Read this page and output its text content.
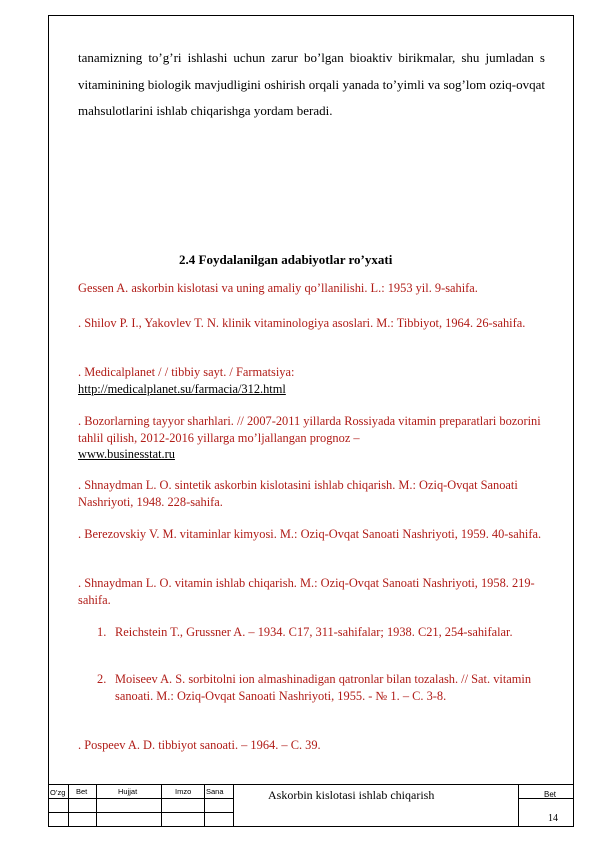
tanamizning to’g’ri ishlashi uchun zarur bo’lgan bioaktiv birikmalar, shu jumladan s vitaminining biologik mavjudligini oshirish orqali yanada to’yimli va sog’lom oziq-ovqat mahsulotlarini ishlab chiqarishga yordam beradi.
2.4 Foydalanilgan adabiyotlar ro’yxati
Gessen A. askorbin kislotasi va uning amaliy qo’llanilishi. L.: 1953 yil. 9-sahifa.
. Shilov P. I., Yakovlev T. N. klinik vitaminologiya asoslari. M.: Tibbiyot, 1964. 26-sahifa.
. Medicalplanet / / tibbiy sayt. / Farmatsiya:
http://medicalplanet.su/farmacia/312.html
. Bozorlarning tayyor sharhlari. // 2007-2011 yillarda Rossiyada vitamin preparatlari bozorini tahlil qilish, 2012-2016 yillarga mo’ljallangan prognoz –
www.businesstat.ru
. Shnaydman L. O. sintetik askorbin kislotasini ishlab chiqarish. M.: Oziq-Ovqat Sanoati Nashriyoti, 1948. 228-sahifa.
. Berezovskiy V. M. vitaminlar kimyosi. M.: Oziq-Ovqat Sanoati Nashriyoti, 1959. 40-sahifa.
. Shnaydman L. O. vitamin ishlab chiqarish. M.: Oziq-Ovqat Sanoati Nashriyoti, 1958. 219-sahifa.
1. Reichstein T., Grussner A. – 1934. C17, 311-sahifalar; 1938. C21, 254-sahifalar.
2. Moiseev A. S. sorbitolni ion almashinadigan qatronlar bilan tozalash. // Sat. vitamin sanoati. M.: Oziq-Ovqat Sanoati Nashriyoti, 1955. - № 1. – C. 3-8.
. Pospeev A. D. tibbiyot sanoati. – 1964. – C. 39.
O’zg Bet	Hujjat	Imzo Sana	Askorbin kislotasi ishlab chiqarish	Bet
14
